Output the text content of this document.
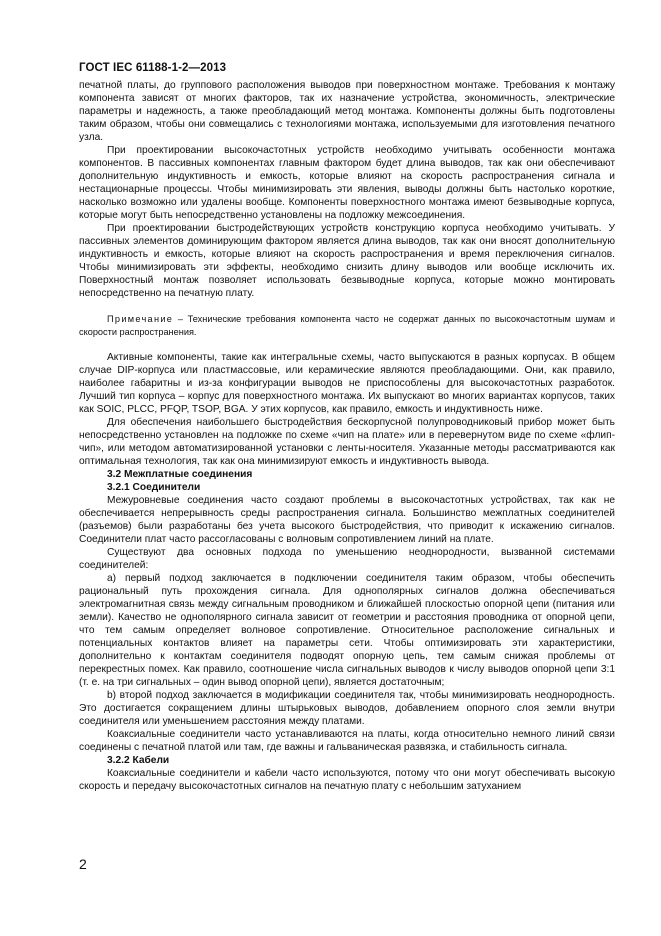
ГОСТ IEC 61188-1-2—2013

печатной платы, до группового расположения выводов при поверхностном монтаже. Требования к монтажу компонента зависят от многих факторов, так их назначение устройства, экономичность, электрические параметры и надежность, а также преобладающий метод монтажа. Компоненты должны быть подготовлены таким образом, чтобы они совмещались с технологиями монтажа, используемыми для изготовления печатного узла.

При проектировании высокочастотных устройств необходимо учитывать особенности монтажа компонентов. В пассивных компонентах главным фактором будет длина выводов, так как они обеспечивают дополнительную индуктивность и емкость, которые влияют на скорость распространения сигнала и нестационарные процессы. Чтобы минимизировать эти явления, выводы должны быть настолько короткие, насколько возможно или удалены вообще. Компоненты поверхностного монтажа имеют безвыводные корпуса, которые могут быть непосредственно установлены на подложку межсоединения.

При проектировании быстродействующих устройств конструкцию корпуса необходимо учитывать. У пассивных элементов доминирующим фактором является длина выводов, так как они вносят дополнительную индуктивность и емкость, которые влияют на скорость распространения и время переключения сигналов. Чтобы минимизировать эти эффекты, необходимо снизить длину выводов или вообще исключить их. Поверхностный монтаж позволяет использовать безвыводные корпуса, которые можно монтировать непосредственно на печатную плату.

Примечание – Технические требования компонента часто не содержат данных по высокочастотным шумам и скорости распространения.

Активные компоненты, такие как интегральные схемы, часто выпускаются в разных корпусах. В общем случае DIP-корпуса или пластмассовые, или керамические являются преобладающими. Они, как правило, наиболее габаритны и из-за конфигурации выводов не приспособлены для высокочастотных разработок. Лучший тип корпуса – корпус для поверхностного монтажа. Их выпускают во многих вариантах корпусов, таких как SOIC, PLCC, PFQP, TSOP, BGA. У этих корпусов, как правило, емкость и индуктивность ниже.

Для обеспечения наибольшего быстродействия бескорпусной полупроводниковый прибор может быть непосредственно установлен на подложке по схеме «чип на плате» или в перевернутом виде по схеме «флип-чип», или методом автоматизированной установки с ленты-носителя. Указанные методы рассматриваются как оптимальная технология, так как она минимизируют емкость и индуктивность вывода.

3.2 Межплатные соединения

3.2.1 Соединители

Межуровневые соединения часто создают проблемы в высокочастотных устройствах, так как не обеспечивается непрерывность среды распространения сигнала. Большинство межплатных соединителей (разъемов) были разработаны без учета высокого быстродействия, что приводит к искажению сигналов. Соединители плат часто рассогласованы с волновым сопротивлением линий на плате.

Существуют два основных подхода по уменьшению неоднородности, вызванной системами соединителей:

a) первый подход заключается в подключении соединителя таким образом, чтобы обеспечить рациональный путь прохождения сигнала. Для однополярных сигналов должна обеспечиваться электромагнитная связь между сигнальным проводником и ближайшей плоскостью опорной цепи (питания или земли). Качество не однополярного сигнала зависит от геометрии и расстояния проводника от опорной цепи, что тем самым определяет волновое сопротивление. Относительное расположение сигнальных и потенциальных контактов влияет на параметры сети. Чтобы оптимизировать эти характеристики, дополнительно к контактам соединителя подводят опорную цепь, тем самым снижая проблемы от перекрестных помех. Как правило, соотношение числа сигнальных выводов к числу выводов опорной цепи 3:1 (т. е. на три сигнальных – один вывод опорной цепи), является достаточным;

b) второй подход заключается в модификации соединителя так, чтобы минимизировать неоднородность. Это достигается сокращением длины штырьковых выводов, добавлением опорного слоя земли внутри соединителя или уменьшением расстояния между платами.

Коаксиальные соединители часто устанавливаются на платы, когда относительно немного линий связи соединены с печатной платой или там, где важны и гальваническая развязка, и стабильность сигнала.

3.2.2 Кабели

Коаксиальные соединители и кабели часто используются, потому что они могут обеспечивать высокую скорость и передачу высокочастотных сигналов на печатную плату с небольшим затуханием

2
